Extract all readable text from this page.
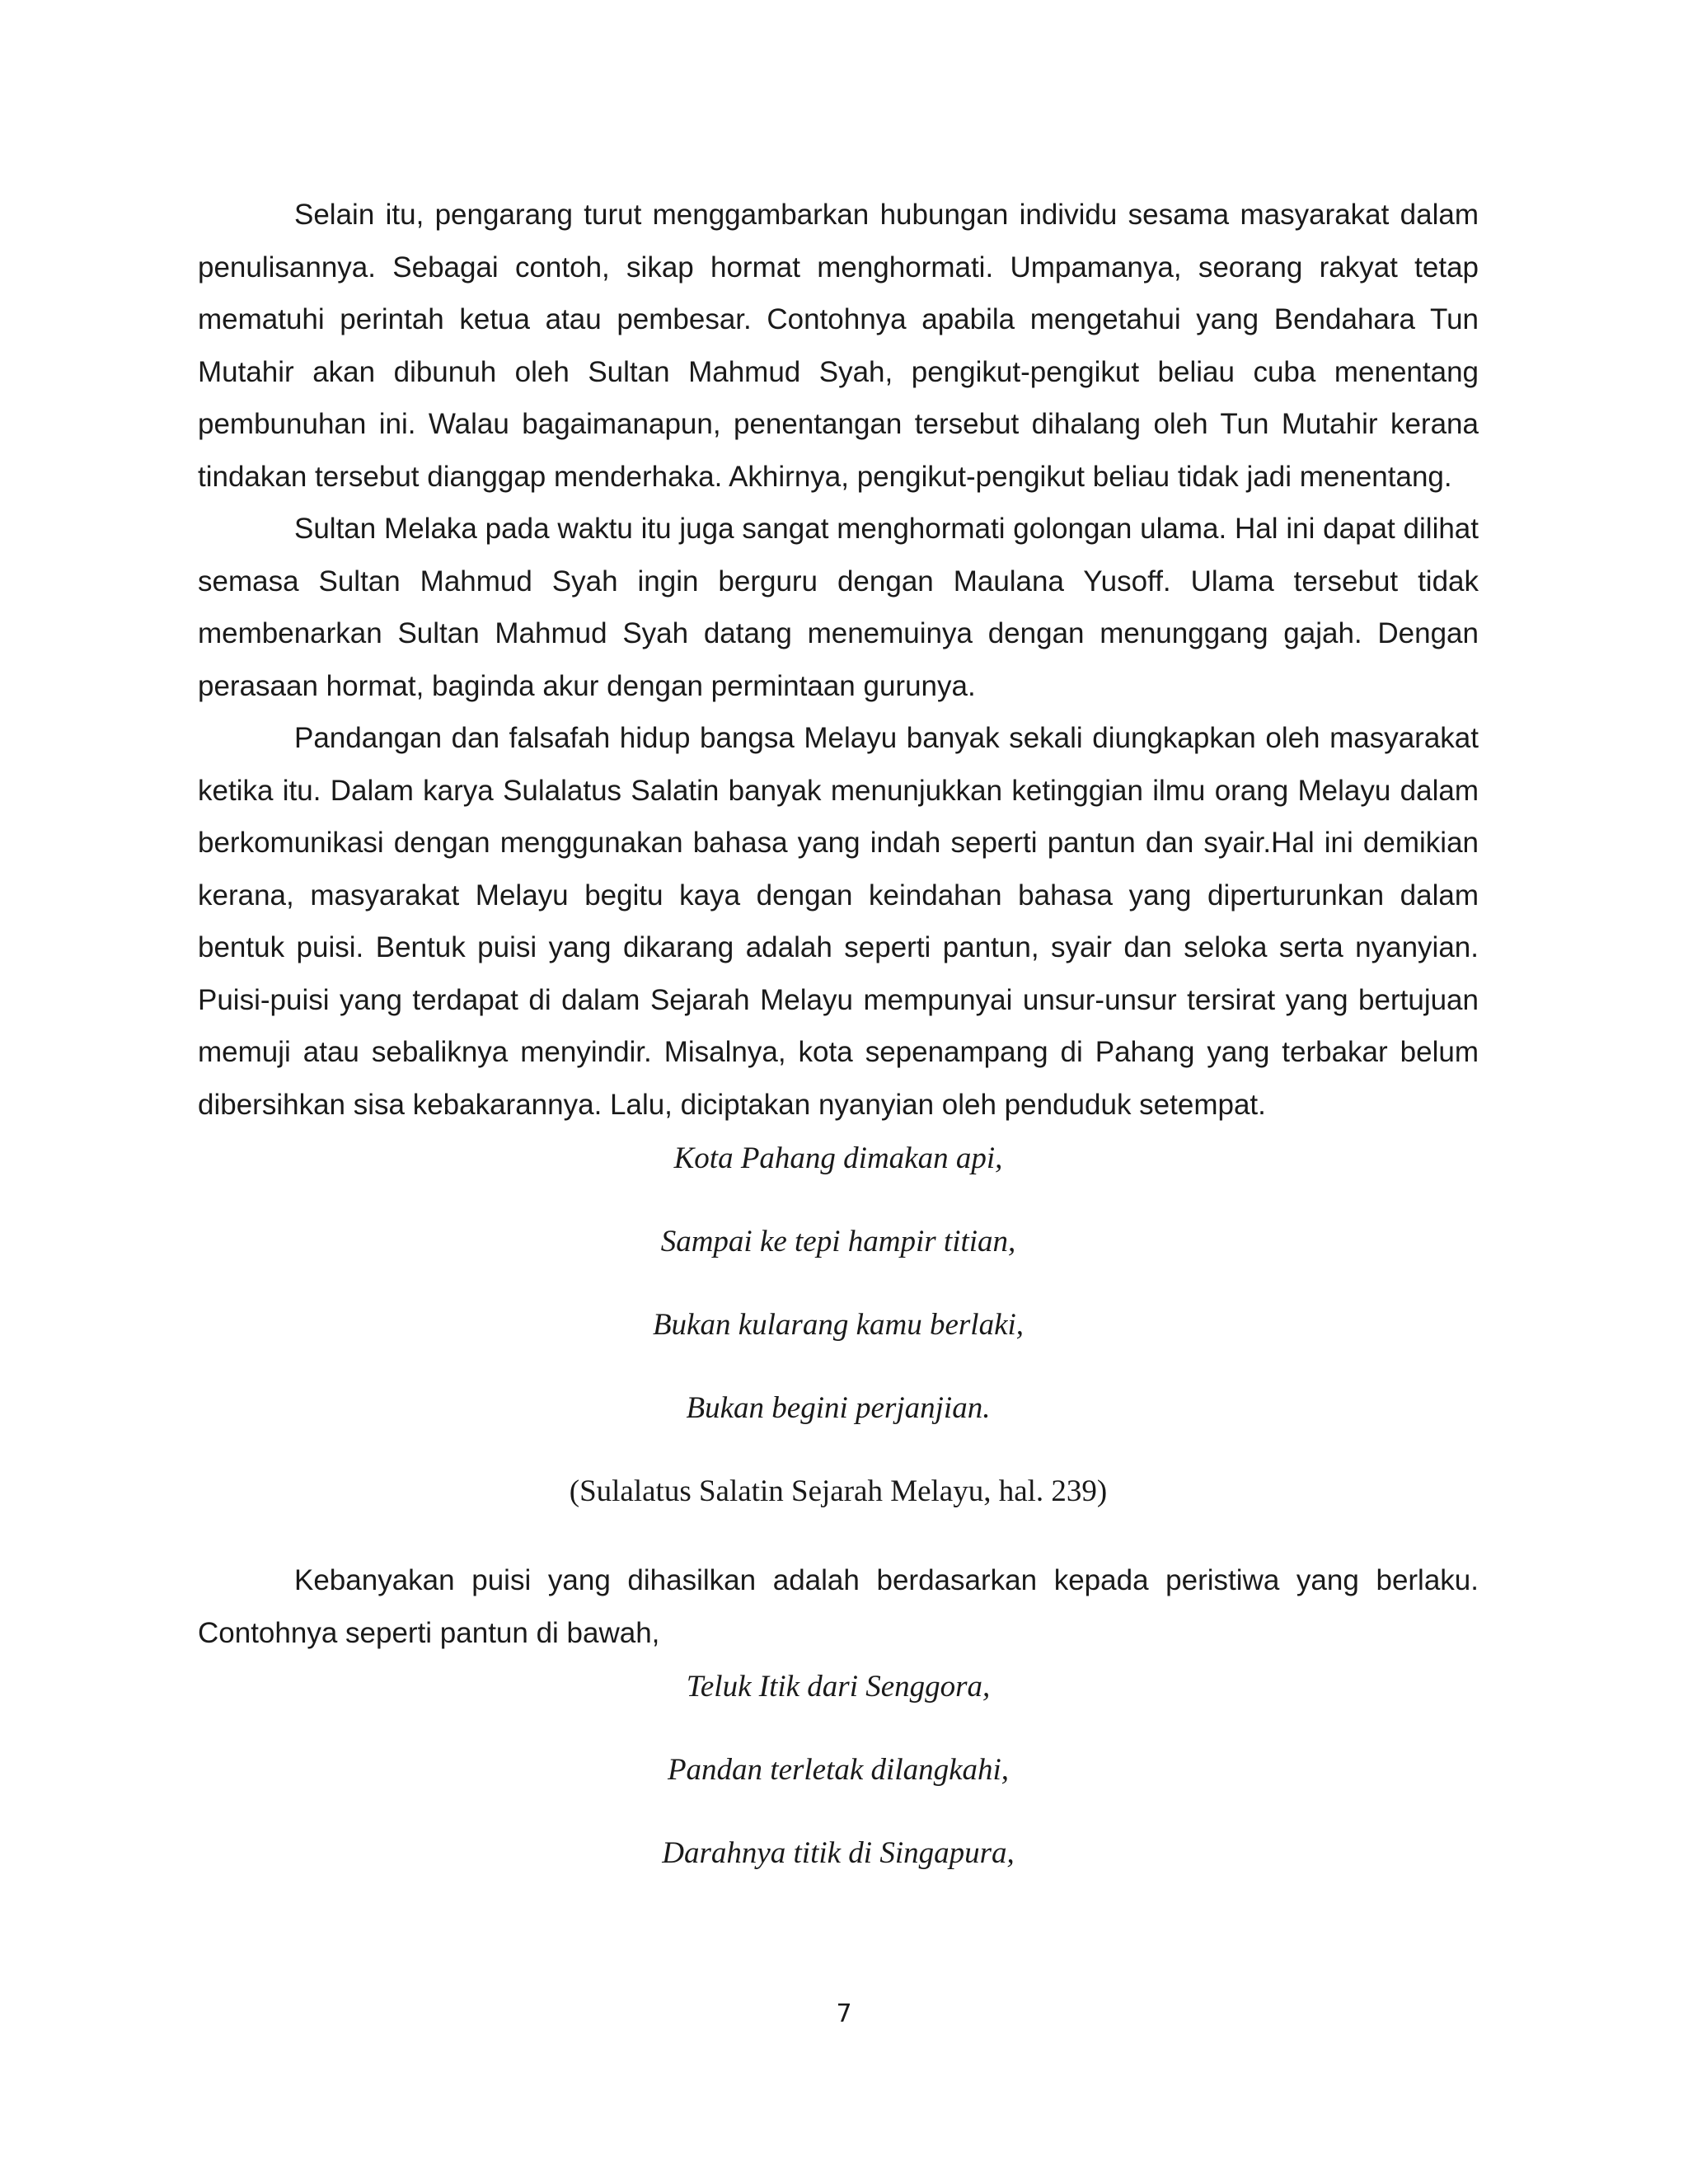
Selain itu, pengarang turut menggambarkan hubungan individu sesama masyarakat dalam penulisannya. Sebagai contoh, sikap hormat menghormati. Umpamanya, seorang rakyat tetap mematuhi perintah ketua atau pembesar. Contohnya apabila mengetahui yang Bendahara Tun Mutahir akan dibunuh oleh Sultan Mahmud Syah, pengikut-pengikut beliau cuba menentang pembunuhan ini. Walau bagaimanapun, penentangan tersebut dihalang oleh Tun Mutahir kerana tindakan tersebut dianggap menderhaka. Akhirnya, pengikut-pengikut beliau tidak jadi menentang.

Sultan Melaka pada waktu itu juga sangat menghormati golongan ulama. Hal ini dapat dilihat semasa Sultan Mahmud Syah ingin berguru dengan Maulana Yusoff. Ulama tersebut tidak membenarkan Sultan Mahmud Syah datang menemuinya dengan menunggang gajah. Dengan perasaan hormat, baginda akur dengan permintaan gurunya.

Pandangan dan falsafah hidup bangsa Melayu banyak sekali diungkapkan oleh masyarakat ketika itu. Dalam karya Sulalatus Salatin banyak menunjukkan ketinggian ilmu orang Melayu dalam berkomunikasi dengan menggunakan bahasa yang indah seperti pantun dan syair.Hal ini demikian kerana, masyarakat Melayu begitu kaya dengan keindahan bahasa yang diperturunkan dalam bentuk puisi. Bentuk puisi yang dikarang adalah seperti pantun, syair dan seloka serta nyanyian. Puisi-puisi yang terdapat di dalam Sejarah Melayu mempunyai unsur-unsur tersirat yang bertujuan memuji atau sebaliknya menyindir. Misalnya, kota sepenampang di Pahang yang terbakar belum dibersihkan sisa kebakarannya. Lalu, diciptakan nyanyian oleh penduduk setempat.

Kota Pahang dimakan api,
Sampai ke tepi hampir titian,
Bukan kularang kamu berlaki,
Bukan begini perjanjian.
(Sulalatus Salatin Sejarah Melayu, hal. 239)

Kebanyakan puisi yang dihasilkan adalah berdasarkan kepada peristiwa yang berlaku. Contohnya seperti pantun di bawah,

Teluk Itik dari Senggora,
Pandan terletak dilangkahi,
Darahnya titik di Singapura,
7
